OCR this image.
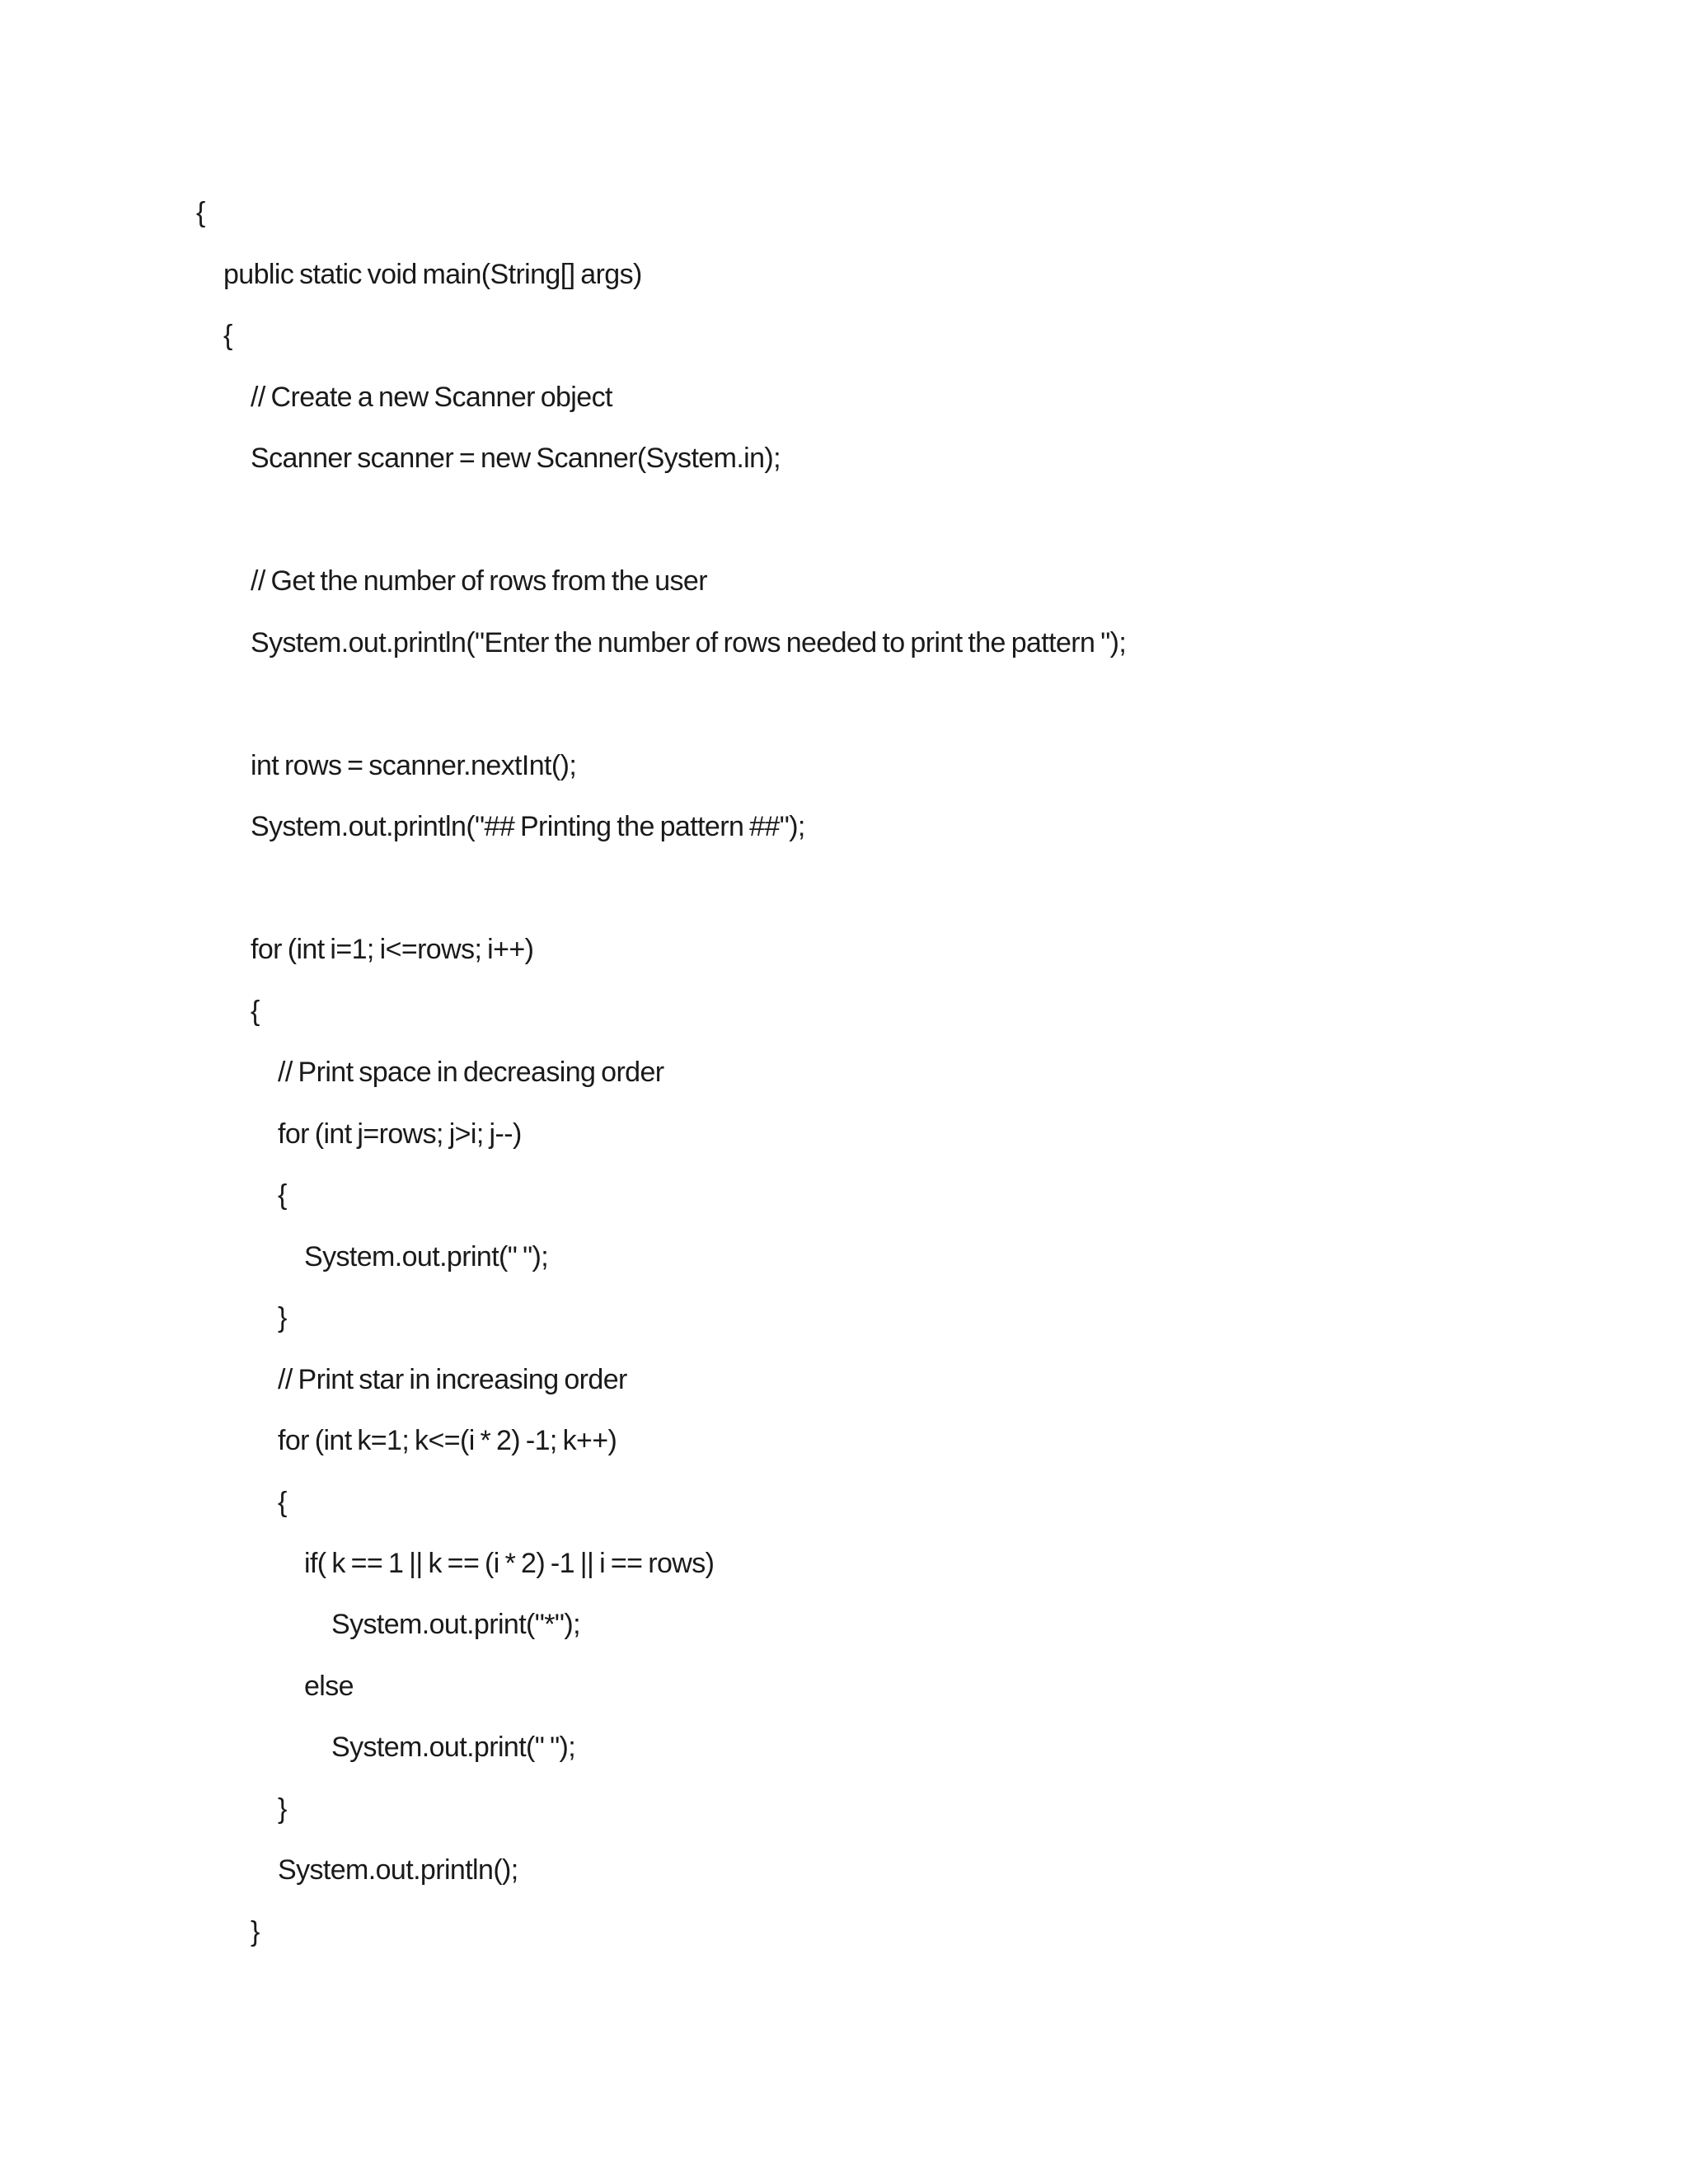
{

public static void main(String[] args)

{

// Create a new Scanner object

Scanner scanner = new Scanner(System.in);

// Get the number of rows from the user

System.out.println("Enter the number of rows needed to print the pattern ");

int rows = scanner.nextInt();

System.out.println("## Printing the pattern ##");

for (int i=1; i<=rows; i++)

{

// Print space in decreasing order

for (int j=rows; j>i; j--)

{

System.out.print(" ");

}

// Print star in increasing order

for (int k=1; k<=(i * 2) -1; k++)

{

if( k == 1 || k == (i * 2) -1 || i == rows)

System.out.print("*");

else

System.out.print(" ");

}

System.out.println();

}
